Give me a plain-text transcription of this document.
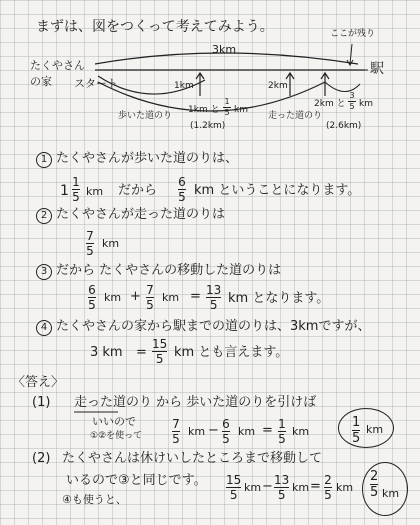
まずは、図をつくって考えてみよう。
3km
ここが残り
たくやさん
の家 スタート
駅
1km	2km
歩いた道のり
1km と
1
5 km
(1.2km)
走った道のり
2km と
3
5 km
(2.6km)
1 たくやさんが歩いた道のりは、
1
1
5 km だから
6
5 km ということになります。
2 たくやさんが走った道のりは
7
5
km
3 だから たくやさんの移動した道のりは
6
5
km + 7
5
km = 13
5 km となります。
4 たくやさんの家から駅までの道のりは、3kmですが、
3 km =
15
5 km とも言えます。
〈答え〉
(1) 走った道のり から 歩いた道のりを引けば
いいので
①②を使って
7
5
km − 6
5
km = 1
5
km
1
5
km
(2) たくやさんは休けいしたところまで移動して
いるので③と同じです。
④も使うと、
15
5
km − 13
5
km = 2
5
km
2
5 km
